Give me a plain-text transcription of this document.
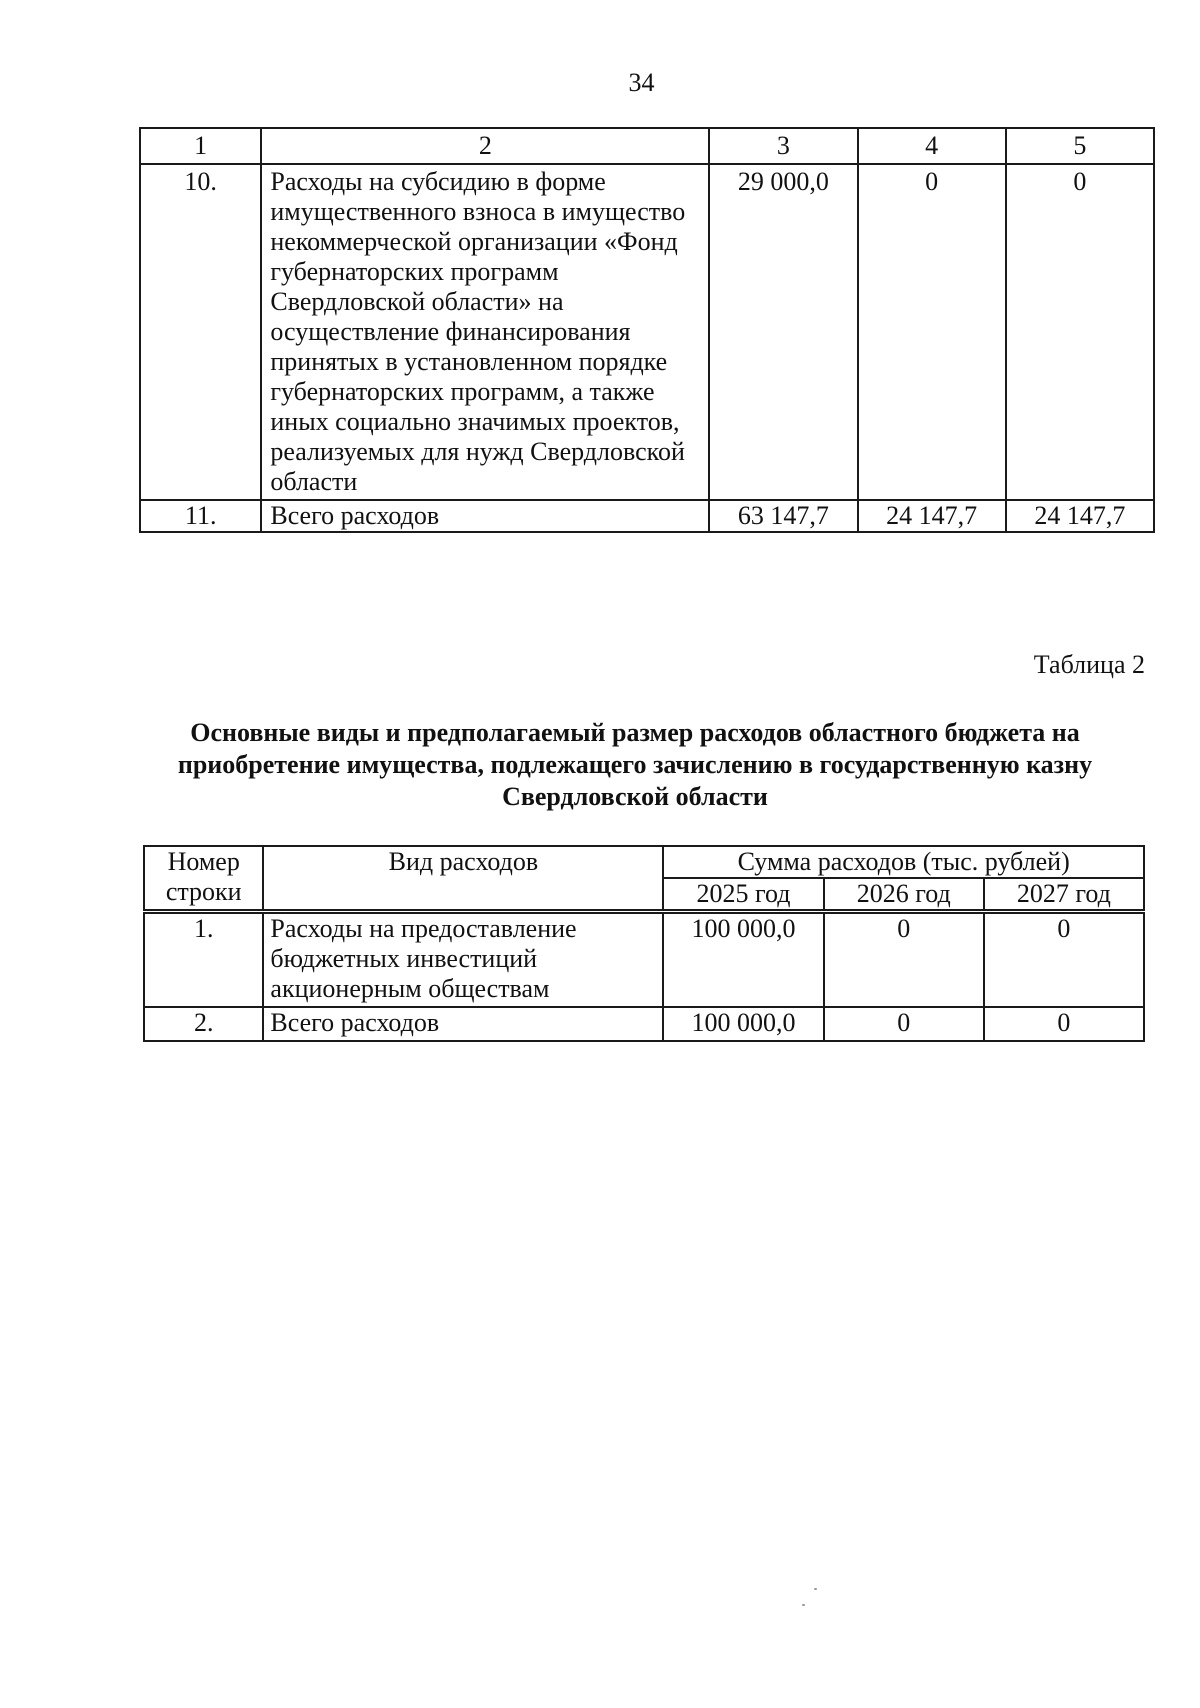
34
1	2	3	4	5
10.	Расходы на субсидию в форме имущественного взноса в имущество некоммерческой организации «Фонд губернаторских программ Свердловской области» на осуществление финансирования принятых в установленном порядке губернаторских программ, а также иных социально значимых проектов, реализуемых для нужд Свердловской области	29 000,0	0	0
11.	Всего расходов	63 147,7	24 147,7	24 147,7
Таблица 2
Основные виды и предполагаемый размер расходов областного бюджета на приобретение имущества, подлежащего зачислению в государственную казну Свердловской области
Номер
строки	Вид расходов	Сумма расходов (тыс. рублей)		
		2025 год	2026 год	2027 год
1.	Расходы на предоставление бюджетных инвестиций акционерным обществам	100 000,0	0	0
2.	Всего расходов	100 000,0	0	0
